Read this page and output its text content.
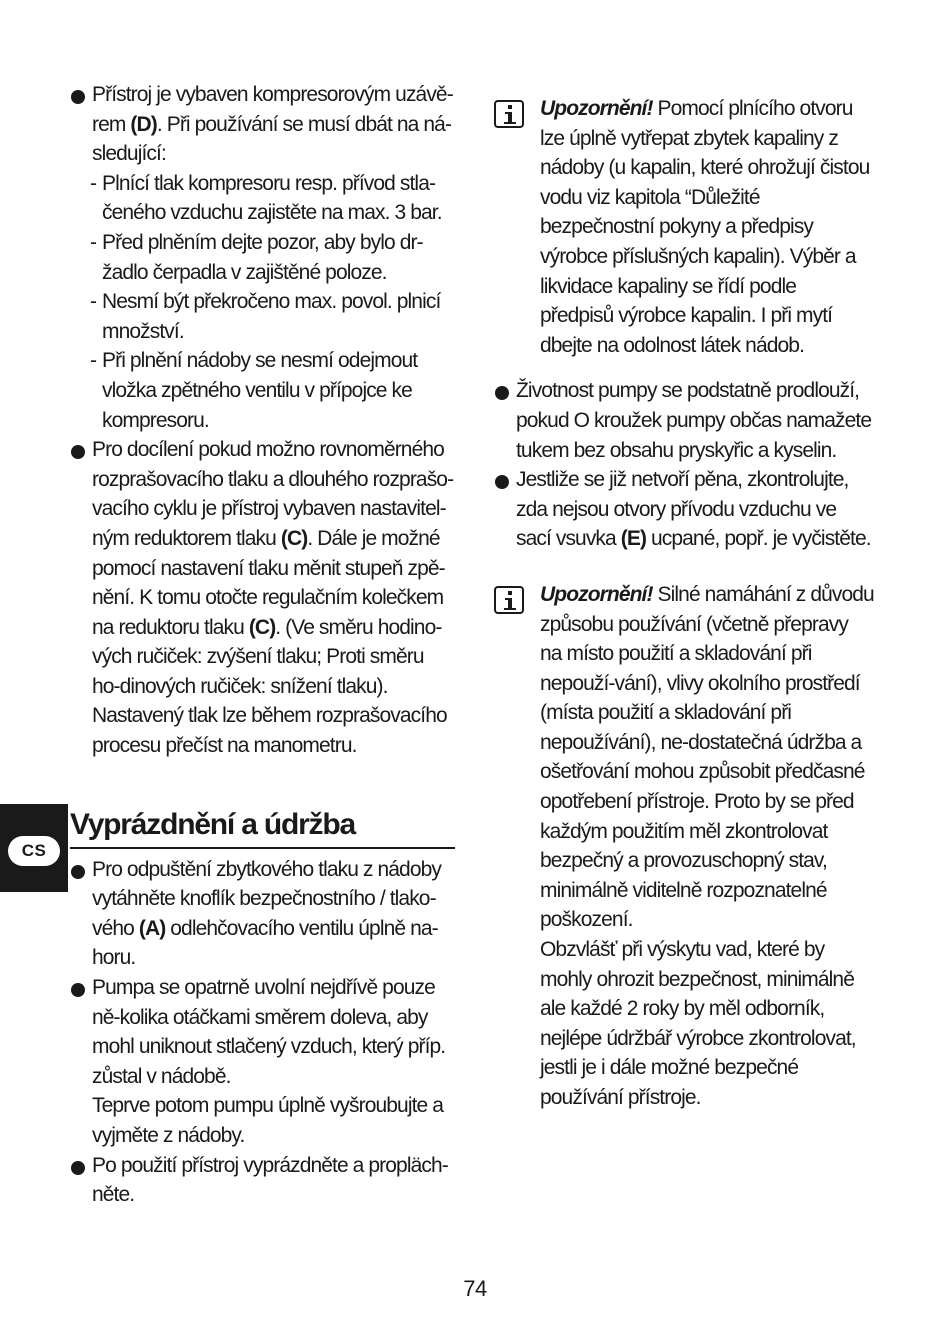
Přístroj je vybaven kompresorovým uzávě-rem (D). Při používání se musí dbát na ná-sledující:
- Plnící tlak kompresoru resp. přívod stla-čeného vzduchu zajistěte na max. 3 bar.
- Před plněním dejte pozor, aby bylo dr-žadlo čerpadla v zajištěné poloze.
- Nesmí být překročeno max. povol. plnicí množství.
- Při plnění nádoby se nesmí odejmout vložka zpětného ventilu v přípojce ke kompresoru.
Pro docílení pokud možno rovnoměrného rozprašovacího tlaku a dlouhého rozprašo-vacího cyklu je přístroj vybaven nastavitel-ným reduktorem tlaku (C). Dále je možné pomocí nastavení tlaku měnit stupeň zpě-nění. K tomu otočte regulačním kolečkem na reduktoru tlaku (C). (Ve směru hodino-vých ručiček: zvýšení tlaku; Proti směru ho-dinových ručiček: snížení tlaku). Nastavený tlak lze během rozprašovacího procesu přečíst na manometru.
Vyprázdnění a údržba
Pro odpuštění zbytkového tlaku z nádoby vytáhněte knoflík bezpečnostního / tlako-vého (A) odlehčovacího ventilu úplně na-horu.

Pumpa se opatrně uvolní nejdřívě pouze ně-kolika otáčkami směrem doleva, aby mohl uniknout stlačený vzduch, který příp. zůstal v nádobě.

Teprve potom pumpu úplně vyšroubujte a vyjměte z nádoby.

Po použití přístroj vyprázdněte a propläch-něte.
Upozornění! Pomocí plnícího otvoru lze úplně vytřepat zbytek kapaliny z nádoby (u kapalin, které ohrožují čistou vodu viz kapitola “Důležité bezpečnostní pokyny a předpisy výrobce příslušných kapalin). Výběr a likvidace kapaliny se řídí podle předpisů výrobce kapalin. I při mytí dbejte na odolnost látek nádob.
Životnost pumpy se podstatně prodlouží, pokud O kroužek pumpy občas namažete tukem bez obsahu pryskyřic a kyselin.
Jestliže se již netvoří pěna, zkontrolujte, zda nejsou otvory přívodu vzduchu ve sací vsuvka (E) ucpané, popř. je vyčistěte.
Upozornění! Silné namáhání z důvodu způsobu používání (včetně přepravy na místo použití a skladování při nepouží-vání), vlivy okolního prostředí (místa použití a skladování při nepoužívání), ne-dostatečná údržba a ošetřování mohou způsobit předčasné opotřebení přístroje. Proto by se před každým použitím měl zkontrolovat bezpečný a provozuschopný stav, minimálně viditelně rozpoznatelné poškození.

Obzvlášť při výskytu vad, které by mohly ohrozit bezpečnost, minimálně ale každé 2 roky by měl odborník, nejlépe údržbář výrobce zkontrolovat, jestli je i dále možné bezpečné používání přístroje.

CS
74
